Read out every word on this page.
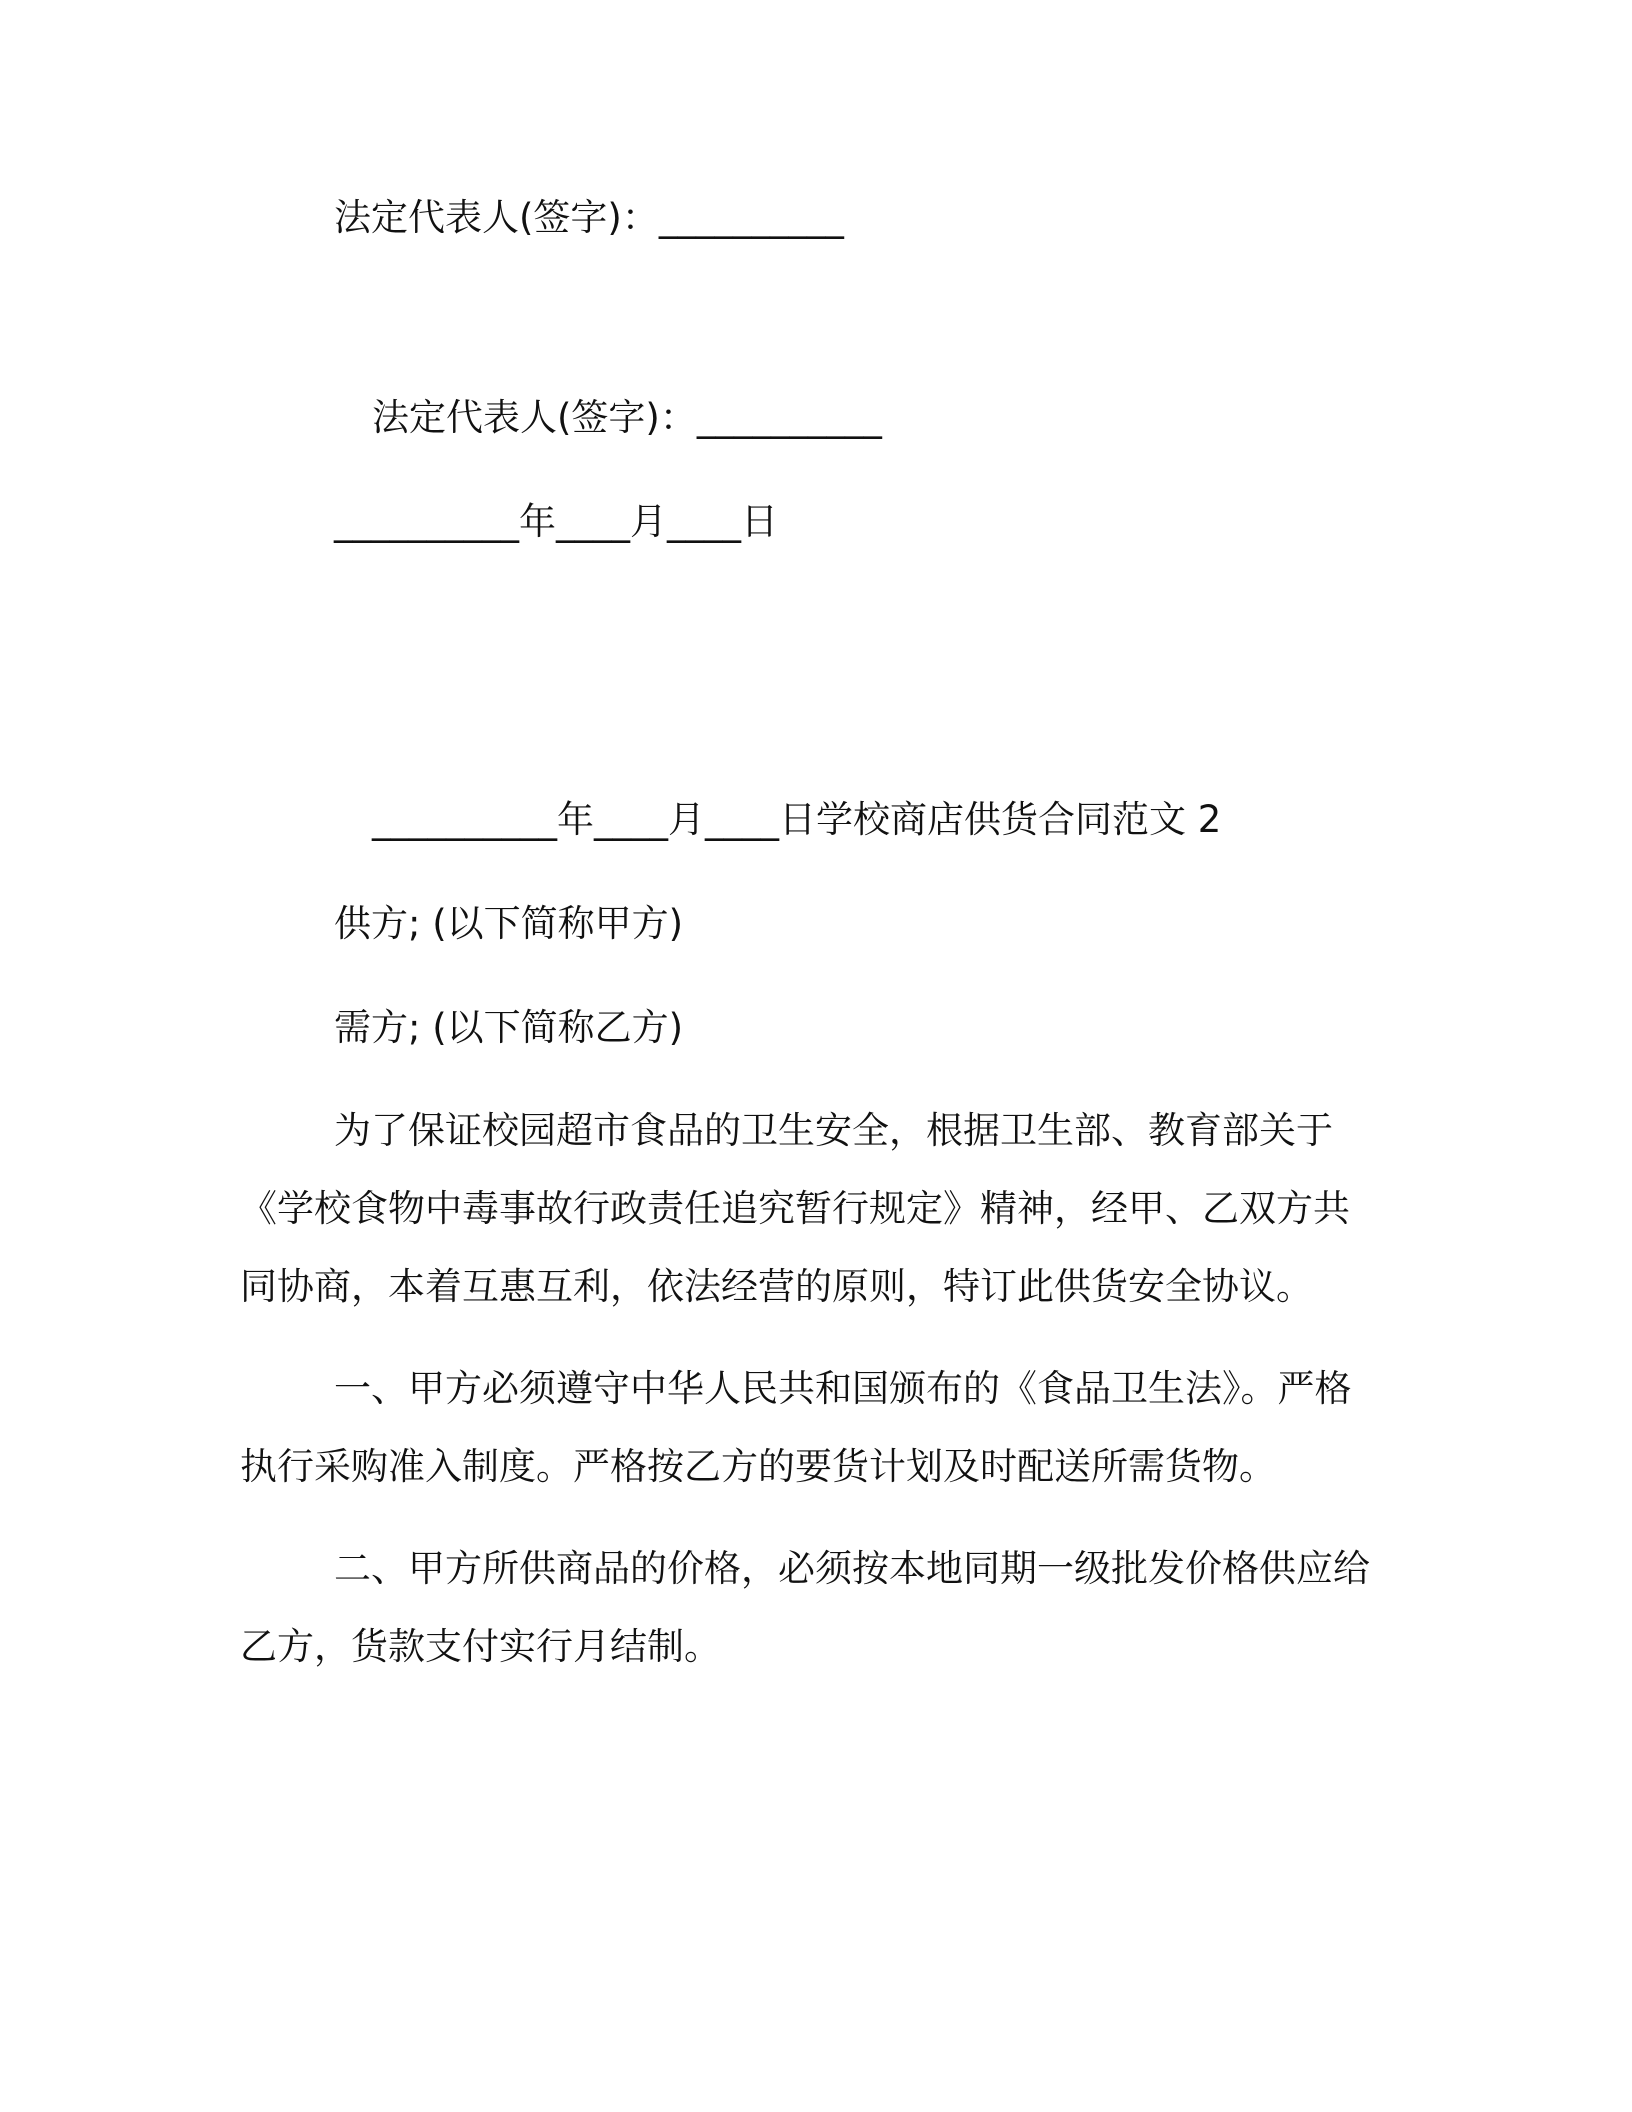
法定代表人(签字)：__________
法定代表人(签字)：__________
__________年____月____日
__________年____月____日学校商店供货合同范文 2
供方; (以下简称甲方)
需方; (以下简称乙方)
为了保证校园超市食品的卫生安全，根据卫生部、教育部关于《学校食物中毒事故行政责任追究暂行规定》精神，经甲、乙双方共同协商，本着互惠互利，依法经营的原则，特订此供货安全协议。
一、甲方必须遵守中华人民共和国颁布的《食品卫生法》。严格执行采购准入制度。严格按乙方的要货计划及时配送所需货物。
二、甲方所供商品的价格，必须按本地同期一级批发价格供应给乙方，货款支付实行月结制。
